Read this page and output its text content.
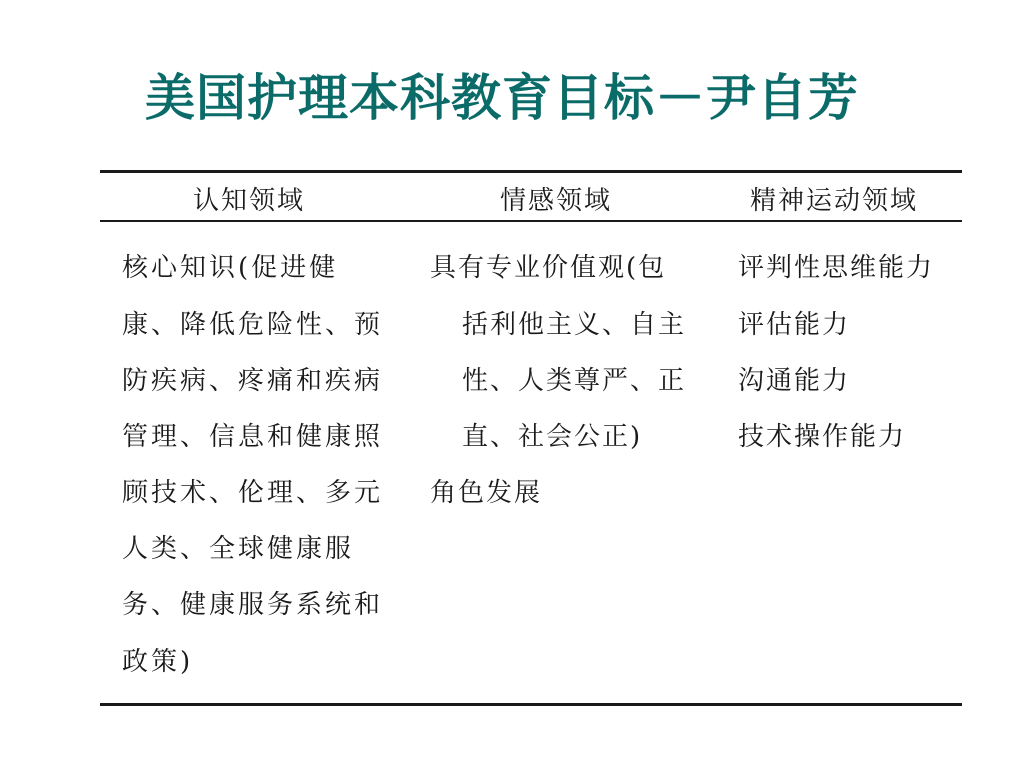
美国护理本科教育目标－尹自芳
认知领域	情感领域	精神运动领域
核心知识(促进健
康、降低危险性、预
防疾病、疼痛和疾病
管理、信息和健康照
顾技术、伦理、多元
人类、全球健康服
务、健康服务系统和
政策)
具有专业价值观(包
括利他主义、自主
性、人类尊严、正
直、社会公正)
角色发展
评判性思维能力
评估能力
沟通能力
技术操作能力
